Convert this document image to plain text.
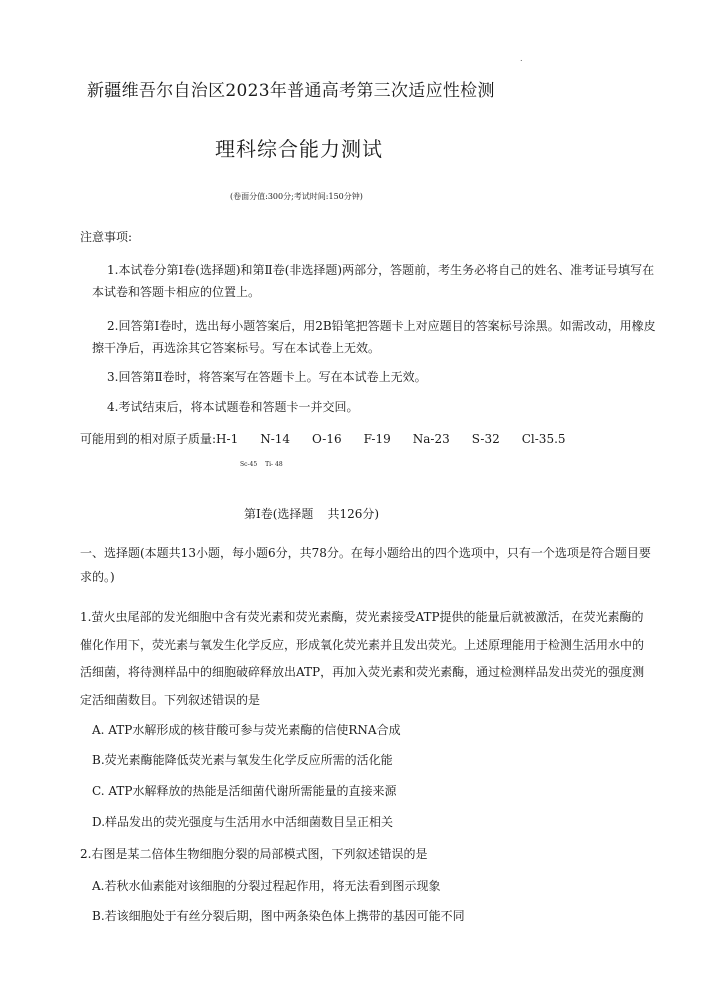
.
新疆维吾尔自治区2023年普通高考第三次适应性检测
理科综合能力测试
(卷面分值:300分;考试时间:150分钟)
注意事项:
1.本试卷分第Ⅰ卷(选择题)和第Ⅱ卷(非选择题)两部分，答题前，考生务必将自己的姓名、准考证号填写在本试卷和答题卡相应的位置上。
2.回答第Ⅰ卷时，选出每小题答案后，用2B铅笔把答题卡上对应题目的答案标号涂黑。如需改动，用橡皮擦干净后，再选涂其它答案标号。写在本试卷上无效。
3.回答第Ⅱ卷时，将答案写在答题卡上。写在本试卷上无效。
4.考试结束后，将本试题卷和答题卡一并交回。
可能用到的相对原子质量:H-1 N-14 O-16 F-19 Na-23 S-32 Cl-35.5
Sc-45 Ti- 48
第Ⅰ卷(选择题 共126分)
一、选择题(本题共13小题，每小题6分，共78分。在每小题给出的四个选项中，只有一个选项是符合题目要求的。)
1.萤火虫尾部的发光细胞中含有荧光素和荧光素酶，荧光素接受ATP提供的能量后就被激活，在荧光素酶的催化作用下，荧光素与氧发生化学反应，形成氧化荧光素并且发出荧光。上述原理能用于检测生活用水中的活细菌，将待测样品中的细胞破碎释放出ATP，再加入荧光素和荧光素酶，通过检测样品发出荧光的强度测定活细菌数目。下列叙述错误的是
A. ATP水解形成的核苷酸可参与荧光素酶的信使RNA合成
B.荧光素酶能降低荧光素与氧发生化学反应所需的活化能
C. ATP水解释放的热能是活细菌代谢所需能量的直接来源
D.样品发出的荧光强度与生活用水中活细菌数目呈正相关
2.右图是某二倍体生物细胞分裂的局部模式图，下列叙述错误的是
A.若秋水仙素能对该细胞的分裂过程起作用，将无法看到图示现象
B.若该细胞处于有丝分裂后期，图中两条染色体上携带的基因可能不同
